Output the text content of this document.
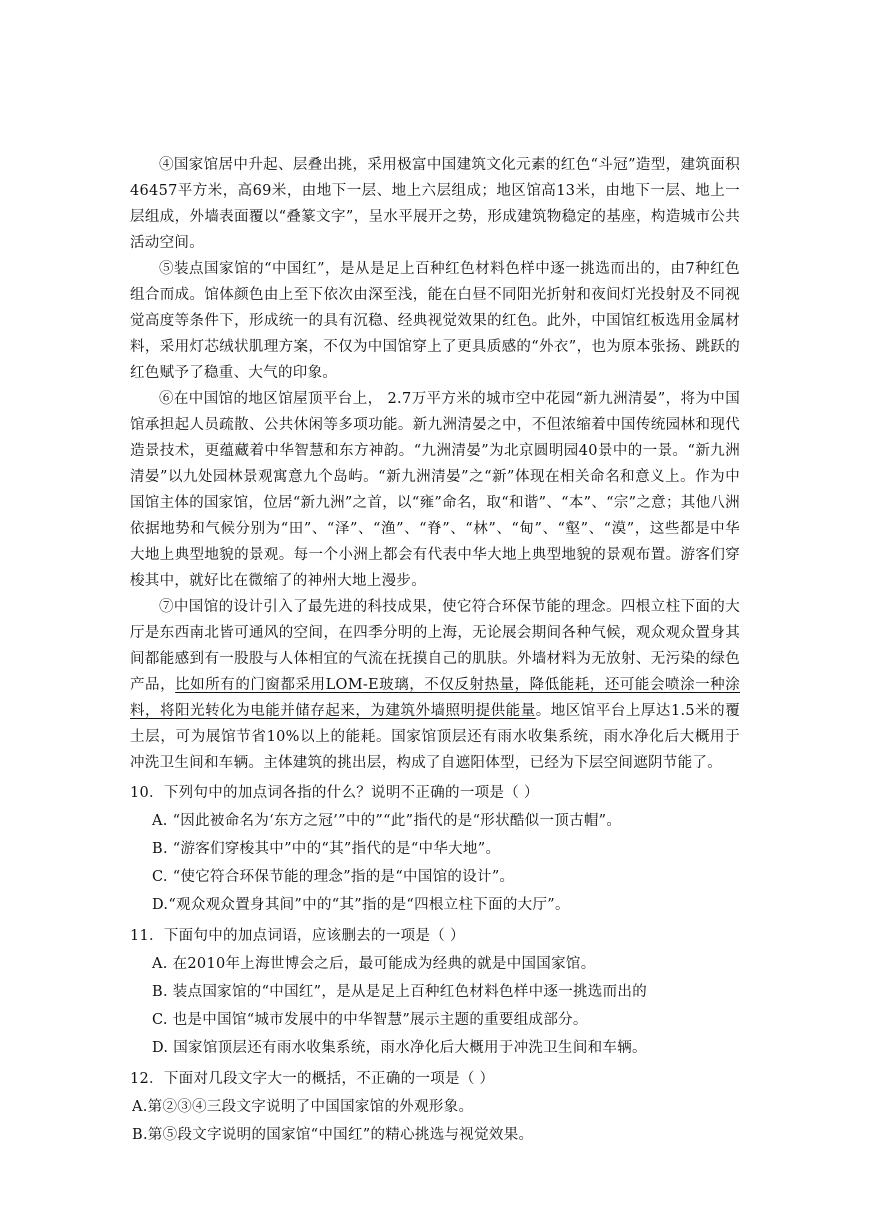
④国家馆居中升起、层叠出挑，采用极富中国建筑文化元素的红色“斗冠”造型，建筑面积46457平方米，高69米，由地下一层、地上六层组成；地区馆高13米，由地下一层、地上一层组成，外墙表面覆以“叠篆文字”，呈水平展开之势，形成建筑物稳定的基座，构造城市公共活动空间。

⑤装点国家馆的“中国红”，是从是足上百种红色材料色样中逐一挑选而出的，由7种红色组合而成。馆体颜色由上至下依次由深至浅，能在白昼不同阳光折射和夜间灯光投射及不同视觉高度等条件下，形成统一的具有沉稳、经典视觉效果的红色。此外，中国馆红板选用金属材料，采用灯芯绒状肌理方案，不仅为中国馆穿上了更具质感的“外衣”，也为原本张扬、跳跃的红色赋予了稳重、大气的印象。

⑥在中国馆的地区馆屋顶平台上， 2.7万平方米的城市空中花园“新九洲清晏”，将为中国馆承担起人员疏散、公共休闲等多项功能。新九洲清晏之中，不但浓缩着中国传统园林和现代造景技术，更蕴藏着中华智慧和东方神韵。“九洲清晏”为北京圆明园40景中的一景。“新九洲清晏”以九处园林景观寓意九个岛屿。“新九洲清晏”之“新”体现在相关命名和意义上。作为中国馆主体的国家馆，位居“新九洲”之首，以“雍”命名，取“和谐”、“本”、“宗”之意；其他八洲依据地势和气候分别为“田”、“泽”、“渔”、“脊”、“林”、“甸”、“壑”、“漠”，这些都是中华大地上典型地貌的景观。每一个小洲上都会有代表中华大地上典型地貌的景观布置。游客们穿梭其中，就好比在微缩了的神州大地上漫步。

⑦中国馆的设计引入了最先进的科技成果，使它符合环保节能的理念。四根立柱下面的大厅是东西南北皆可通风的空间，在四季分明的上海，无论展会期间各种气候，观众观众置身其间都能感到有一股股与人体相宜的气流在抚摸自己的肌肤。外墙材料为无放射、无污染的绿色产品，比如所有的门窗都采用LOM-E玻璃，不仅反射热量，降低能耗，还可能会喷涂一种涂料，将阳光转化为电能并储存起来，为建筑外墙照明提供能量。地区馆平台上厚达1.5米的覆土层，可为展馆节省10%以上的能耗。国家馆顶层还有雨水收集系统，雨水净化后大概用于冲洗卫生间和车辆。主体建筑的挑出层，构成了自遮阳体型，已经为下层空间遮阴节能了。

10．下列句中的加点词各指的什么？说明不正确的一项是（ ）

A. “因此被命名为‘东方之冠’”中的”“此”指代的是“形状酷似一顶古帽”。
B. “游客们穿梭其中”中的“其”指代的是“中华大地”。
C. “使它符合环保节能的理念”指的是“中国馆的设计”。
D.“观众观众置身其间”中的“其”指的是“四根立柱下面的大厅”。

11．下面句中的加点词语，应该删去的一项是（ ）

A. 在2010年上海世博会之后，最可能成为经典的就是中国国家馆。
B. 装点国家馆的“中国红”，是从是足上百种红色材料色样中逐一挑选而出的
C. 也是中国馆“城市发展中的中华智慧”展示主题的重要组成部分。
D. 国家馆顶层还有雨水收集系统，雨水净化后大概用于冲洗卫生间和车辆。

12．下面对几段文字大一的概括，不正确的一项是（ ）

A.第②③④三段文字说明了中国国家馆的外观形象。
B.第⑤段文字说明的国家馆“中国红”的精心挑选与视觉效果。
